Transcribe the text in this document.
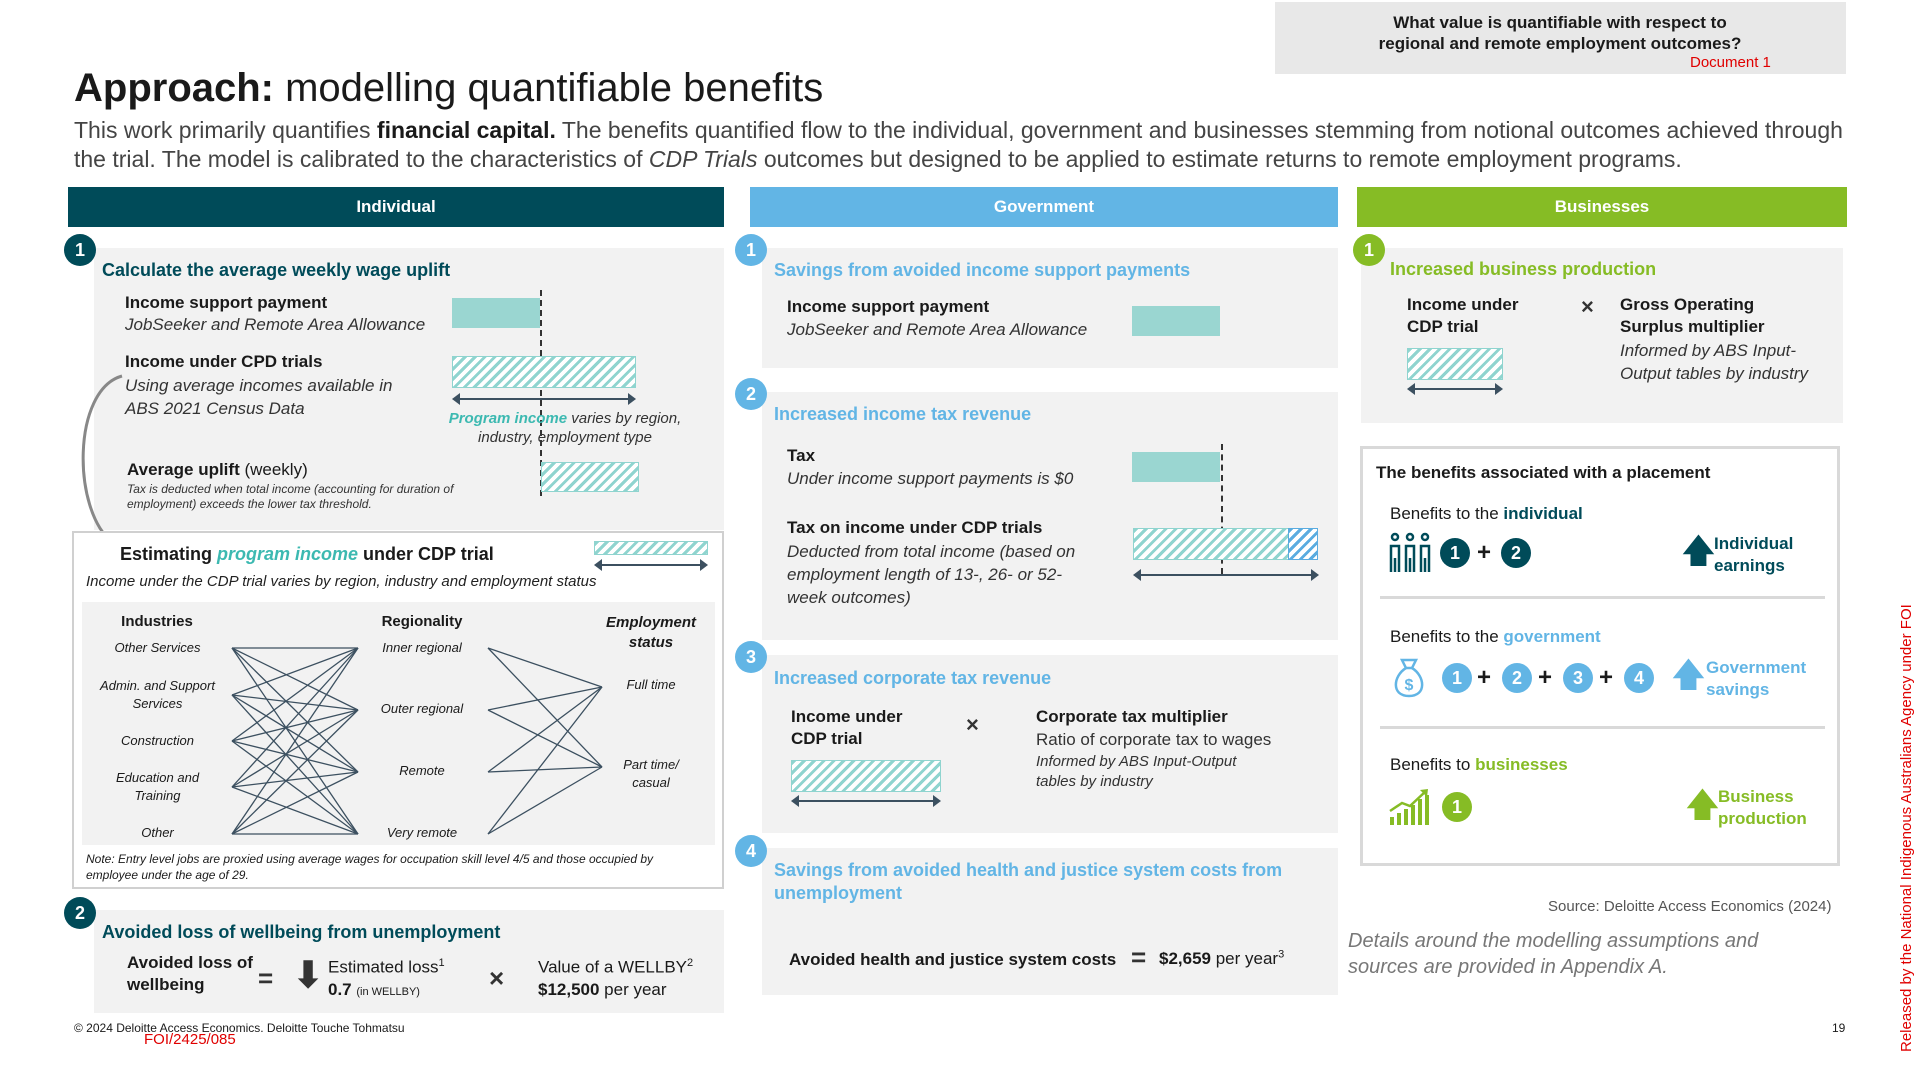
What value is quantifiable with respect to regional and remote employment outcomes?
Document 1
Approach: modelling quantifiable benefits
This work primarily quantifies financial capital. The benefits quantified flow to the individual, government and businesses stemming from notional outcomes achieved through the trial. The model is calibrated to the characteristics of CDP Trials outcomes but designed to be applied to estimate returns to remote employment programs.
Individual	Government	Businesses
1
Calculate the average weekly wage uplift
Income support payment
JobSeeker and Remote Area Allowance
Income under CPD trials
Using average incomes available in ABS 2021 Census Data
Program income varies by region, industry, employment type
Average uplift (weekly)
Tax is deducted when total income (accounting for duration of employment) exceeds the lower tax threshold.
Estimating program income under CDP trial
Income under the CDP trial varies by region, industry and employment status
Industries
Other Services
Admin. and Support Services
Construction
Education and Training
Other
Regionality
Inner regional
Outer regional
Remote
Very remote
Employment status
Full time
Part time/ casual
Note: Entry level jobs are proxied using average wages for occupation skill level 4/5 and those occupied by employee under the age of 29.
2
Avoided loss of wellbeing from unemployment
Avoided loss of wellbeing	= ⬇ Estimated loss$^1$
0.7 (in WELLBY)	× Value of a WELLBY$^2$
$12,500 per year
1
Savings from avoided income support payments
Income support payment
JobSeeker and Remote Area Allowance
2
Increased income tax revenue
Tax
Under income support payments is $0
Tax on income under CDP trials
Deducted from total income (based on employment length of 13-, 26- or 52-week outcomes)
3
Increased corporate tax revenue
Income under CDP trial
×	Corporate tax multiplier
Ratio of corporate tax to wages
Informed by ABS Input-Output tables by industry
4
Savings from avoided health and justice system costs from unemployment
Avoided health and justice system costs = $2,659 per year$^3$
1
Increased business production
Income under CDP trial
× Gross Operating Surplus multiplier
Informed by ABS Input-Output tables by industry
The benefits associated with a placement
Benefits to the individual
1 +	2	🡅
Individual earnings
Benefits to the government
$	1 +	2 +	3 +	4 🡅 Government savings
Benefits to businesses
1	🡅
Business production
Source: Deloitte Access Economics (2024)
Details around the modelling assumptions and sources are provided in Appendix A.
© 2024 Deloitte Access Economics. Deloitte Touche Tohmatsu
FOI/2425/085
19	Released by the National Indigenous Australians Agency under FOI
